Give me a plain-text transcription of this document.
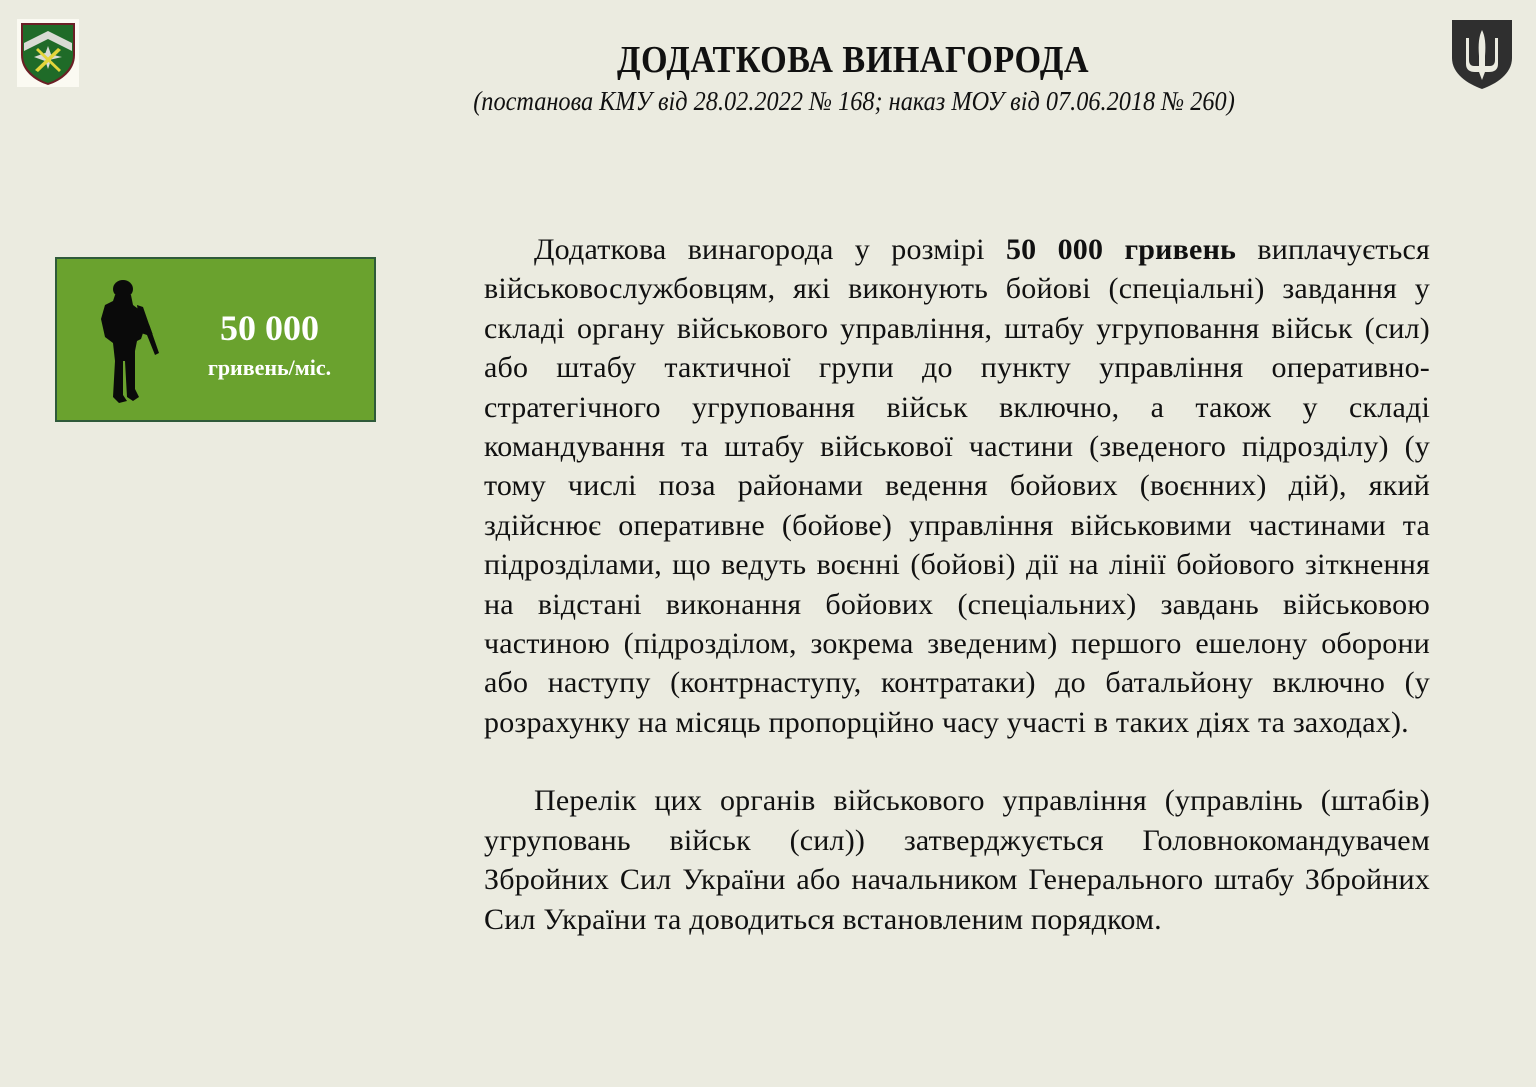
ДОДАТКОВА ВИНАГОРОДА
(постанова КМУ від 28.02.2022 № 168; наказ МОУ від 07.06.2018 № 260)
50 000
гривень/міс.

Додаткова винагорода у розмірі 50 000 гривень виплачується військовослужбовцям, які виконують бойові (спеціальні) завдання у складі органу військового управління, штабу угруповання військ (сил) або штабу тактичної групи до пункту управління оперативно-стратегічного угруповання військ включно, а також у складі командування та штабу військової частини (зведеного підрозділу) (у тому числі поза районами ведення бойових (воєнних) дій), який здійснює оперативне (бойове) управління військовими частинами та підрозділами, що ведуть воєнні (бойові) дії на лінії бойового зіткнення на відстані виконання бойових (спеціальних) завдань військовою частиною (підрозділом, зокрема зведеним) першого ешелону оборони або наступу (контрнаступу, контратаки) до батальйону включно (у розрахунку на місяць пропорційно часу участі в таких діях та заходах).

Перелік цих органів військового управління (управлінь (штабів) угруповань військ (сил)) затверджується Головнокомандувачем Збройних Сил України або начальником Генерального штабу Збройних Сил України та доводиться встановленим порядком.
